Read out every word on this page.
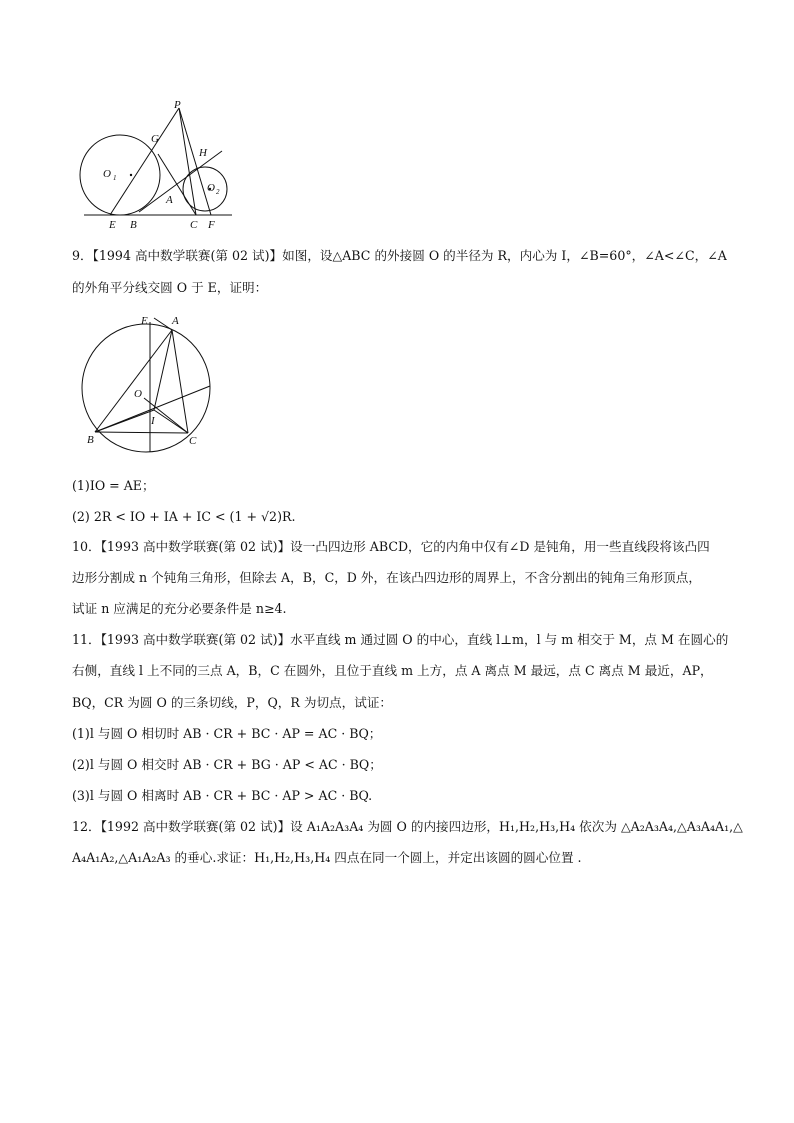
P
G
H
O 1
O 2
A
E B	C F
9．【1994 高中数学联赛(第 02 试)】如图，设△ABC 的外接圆 O 的半径为 R，内心为 I，∠B=60°，∠A<∠C，∠A
的外角平分线交圆 O 于 E，证明：
E A
O
I
B	C
(1)IO = AE；
(2) 2R < IO + IA + IC < (1 + √2)R.
10．【1993 高中数学联赛(第 02 试)】设一凸四边形 ABCD，它的内角中仅有∠D 是钝角，用一些直线段将该凸四
边形分割成 n 个钝角三角形，但除去 A，B，C，D 外，在该凸四边形的周界上，不含分割出的钝角三角形顶点，
试证 n 应满足的充分必要条件是 n≥4.
11．【1993 高中数学联赛(第 02 试)】水平直线 m 通过圆 O 的中心，直线 l⊥m，l 与 m 相交于 M，点 M 在圆心的
右侧，直线 l 上不同的三点 A，B，C 在圆外，且位于直线 m 上方，点 A 离点 M 最远，点 C 离点 M 最近，AP，
BQ，CR 为圆 O 的三条切线，P，Q，R 为切点，试证：
(1)l 与圆 O 相切时 AB · CR + BC · AP = AC · BQ；
(2)l 与圆 O 相交时 AB · CR + BG · AP < AC · BQ；
(3)l 与圆 O 相离时 AB · CR + BC · AP > AC · BQ.
12．【1992 高中数学联赛(第 02 试)】设 A₁A₂A₃A₄ 为圆 O 的内接四边形，H₁,H₂,H₃,H₄ 依次为 △A₂A₃A₄,△A₃A₄A₁,△
A₄A₁A₂,△A₁A₂A₃ 的垂心.求证：H₁,H₂,H₃,H₄ 四点在同一个圆上，并定出该圆的圆心位置 .
